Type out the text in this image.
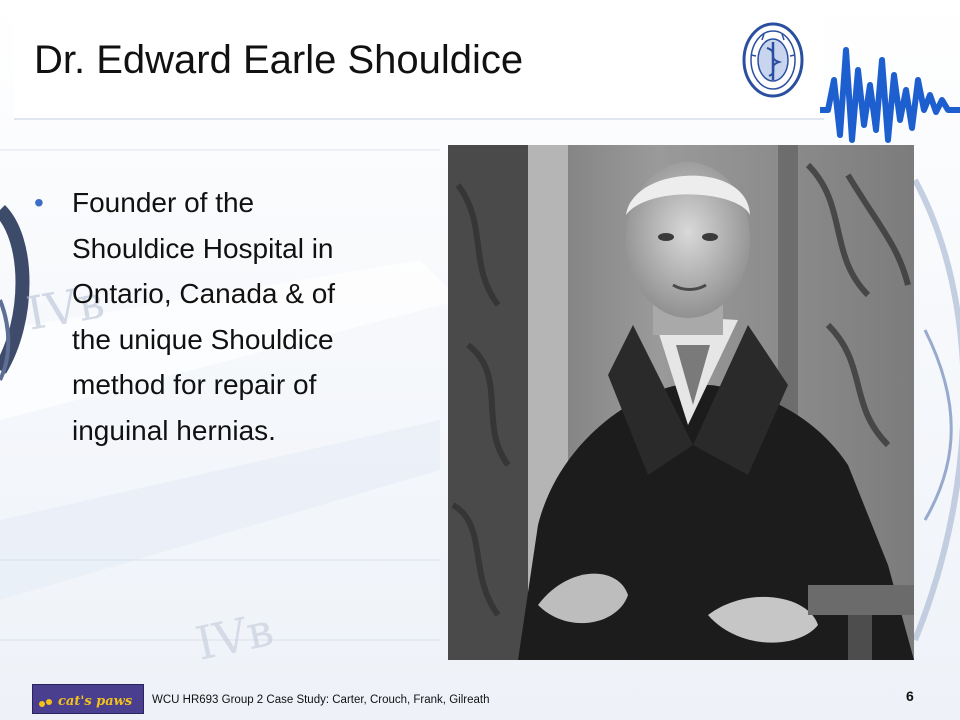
IVв
IVв
Dr. Edward Earle Shouldice
•	Founder of the Shouldice Hospital in Ontario, Canada & of the unique Shouldice method for repair of inguinal hernias.
cat's paws WCU HR693 Group 2 Case Study: Carter, Crouch, Frank, Gilreath	6
